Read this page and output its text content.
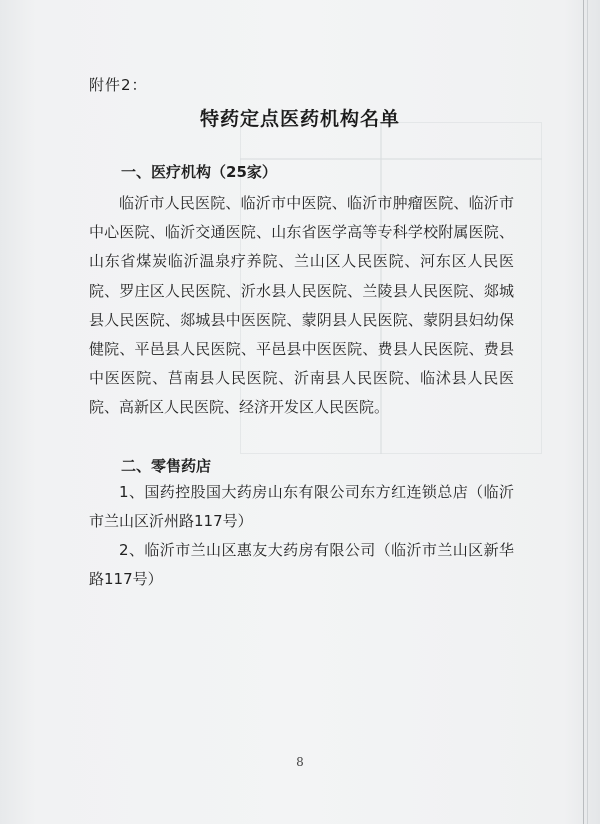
附件2：
特药定点医药机构名单
一、医疗机构（25家）
临沂市人民医院、临沂市中医院、临沂市肿瘤医院、临沂市中心医院、临沂交通医院、山东省医学高等专科学校附属医院、山东省煤炭临沂温泉疗养院、兰山区人民医院、河东区人民医院、罗庄区人民医院、沂水县人民医院、兰陵县人民医院、郯城县人民医院、郯城县中医医院、蒙阴县人民医院、蒙阴县妇幼保健院、平邑县人民医院、平邑县中医医院、费县人民医院、费县中医医院、莒南县人民医院、沂南县人民医院、临沭县人民医院、高新区人民医院、经济开发区人民医院。
二、零售药店
1、国药控股国大药房山东有限公司东方红连锁总店（临沂市兰山区沂州路117号）
2、临沂市兰山区惠友大药房有限公司（临沂市兰山区新华路117号）
8
